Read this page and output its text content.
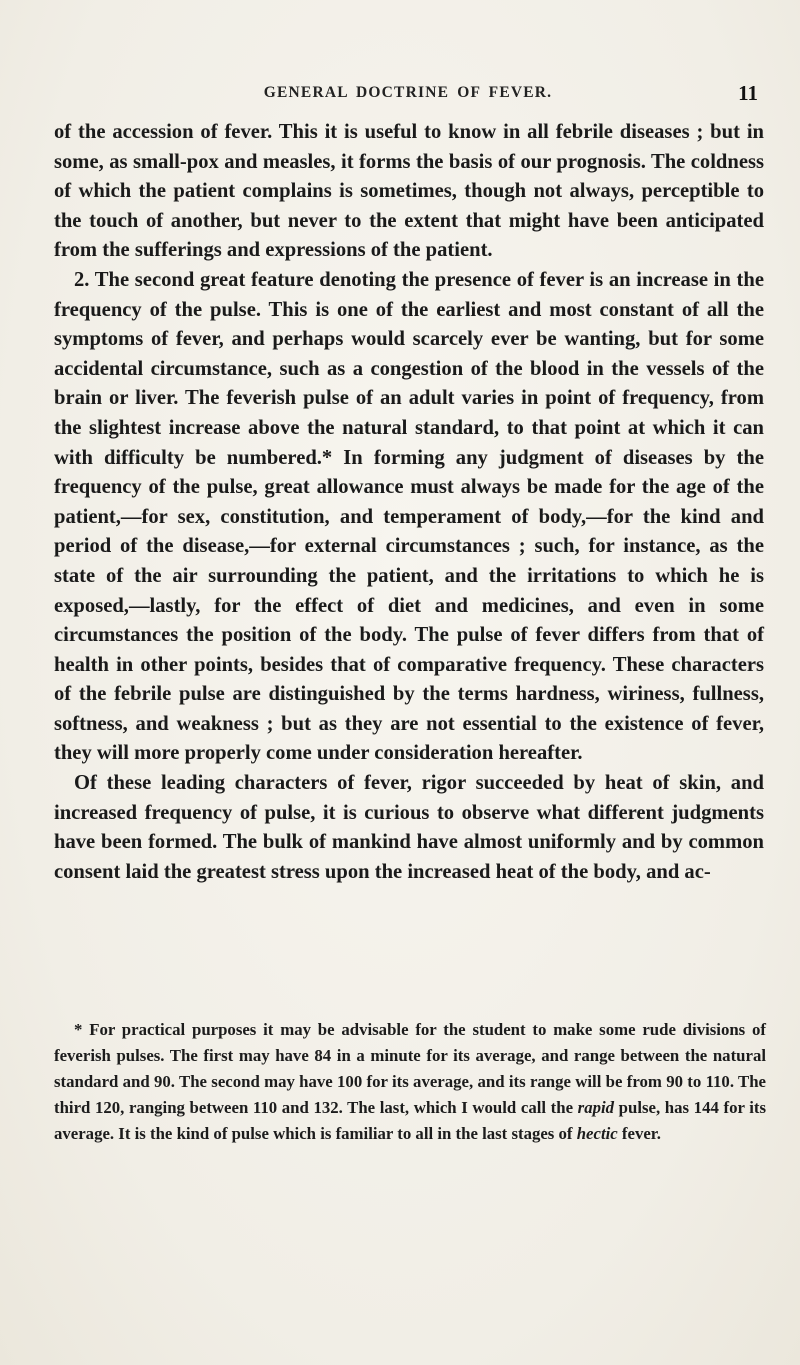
GENERAL DOCTRINE OF FEVER.	11

of the accession of fever. This it is useful to know in all febrile diseases ; but in some, as small-pox and measles, it forms the basis of our prognosis. The coldness of which the patient complains is sometimes, though not always, perceptible to the touch of another, but never to the extent that might have been anticipated from the sufferings and expressions of the patient.

2. The second great feature denoting the presence of fever is an increase in the frequency of the pulse. This is one of the earliest and most constant of all the symptoms of fever, and perhaps would scarcely ever be wanting, but for some accidental circumstance, such as a congestion of the blood in the vessels of the brain or liver. The feverish pulse of an adult varies in point of frequency, from the slightest increase above the natural standard, to that point at which it can with difficulty be numbered.* In forming any judgment of diseases by the frequency of the pulse, great allowance must always be made for the age of the patient,—for sex, constitution, and temperament of body,—for the kind and period of the disease,—for external circumstances ; such, for instance, as the state of the air surrounding the patient, and the irritations to which he is exposed,—lastly, for the effect of diet and medicines, and even in some circumstances the position of the body. The pulse of fever differs from that of health in other points, besides that of comparative frequency. These characters of the febrile pulse are distinguished by the terms hardness, wiriness, fullness, softness, and weakness ; but as they are not essential to the existence of fever, they will more properly come under consideration hereafter.

Of these leading characters of fever, rigor succeeded by heat of skin, and increased frequency of pulse, it is curious to observe what different judgments have been formed. The bulk of mankind have almost uniformly and by common consent laid the greatest stress upon the increased heat of the body, and ac-

* For practical purposes it may be advisable for the student to make some rude divisions of feverish pulses. The first may have 84 in a minute for its average, and range between the natural standard and 90. The second may have 100 for its average, and its range will be from 90 to 110. The third 120, ranging between 110 and 132. The last, which I would call the rapid pulse, has 144 for its average. It is the kind of pulse which is familiar to all in the last stages of hectic fever.
